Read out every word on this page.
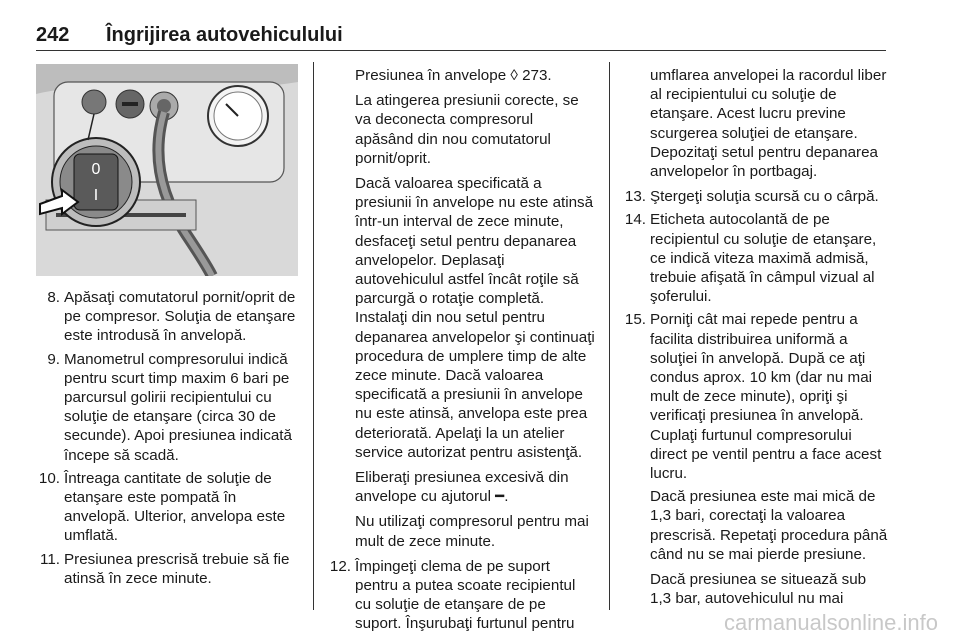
242 Îngrijirea autovehiculului
0
I
8. Apăsaţi comutatorul pornit/oprit de pe compresor. Soluţia de etanşare este introdusă în anvelopă.
9. Manometrul compresorului indică pentru scurt timp maxim 6 bari pe parcursul golirii recipientului cu soluţie de etanşare (circa 30 de secunde). Apoi presiunea indicată începe să scadă.
10. Întreaga cantitate de soluţie de etanşare este pompată în anvelopă. Ulterior, anvelopa este umflată.
11. Presiunea prescrisă trebuie să fie atinsă în zece minute.

Presiunea în anvelope ◊ 273.

La atingerea presiunii corecte, se va deconecta compresorul apăsând din nou comutatorul pornit/oprit.

Dacă valoarea specificată a presiunii în anvelope nu este atinsă într-un interval de zece minute, desfaceţi setul pentru depanarea anvelopelor. Deplasaţi autovehiculul astfel încât roţile să parcurgă o rotaţie completă. Instalaţi din nou setul pentru depanarea anvelopelor şi continuaţi procedura de umplere timp de alte zece minute. Dacă valoarea specificată a presiunii în anvelope nu este atinsă, anvelopa este prea deteriorată. Apelaţi la un atelier service autorizat pentru asistenţă.

Eliberaţi presiunea excesivă din anvelope cu ajutorul ━.

Nu utilizaţi compresorul pentru mai mult de zece minute.

12. Împingeţi clema de pe suport pentru a putea scoate recipientul cu soluţie de etanşare de pe suport. Înşurubaţi furtunul pentru

umflarea anvelopei la racordul liber al recipientului cu soluţie de etanşare. Acest lucru previne scurgerea soluţiei de etanşare. Depozitaţi setul pentru depanarea anvelopelor în portbagaj.

13. Ştergeţi soluţia scursă cu o cârpă.
14. Eticheta autocolantă de pe recipientul cu soluţie de etanşare, ce indică viteza maximă admisă, trebuie afişată în câmpul vizual al şoferului.
15. Porniţi cât mai repede pentru a facilita distribuirea uniformă a soluţiei în anvelopă. După ce aţi condus aprox. 10 km (dar nu mai mult de zece minute), opriţi şi verificaţi presiunea în anvelopă. Cuplaţi furtunul compresorului direct pe ventil pentru a face acest lucru.

Dacă presiunea este mai mică de 1,3 bari, corectaţi la valoarea prescrisă. Repetaţi procedura până când nu se mai pierde presiune.

Dacă presiunea se situează sub 1,3 bar, autovehiculul nu mai

carmanualsonline.info
